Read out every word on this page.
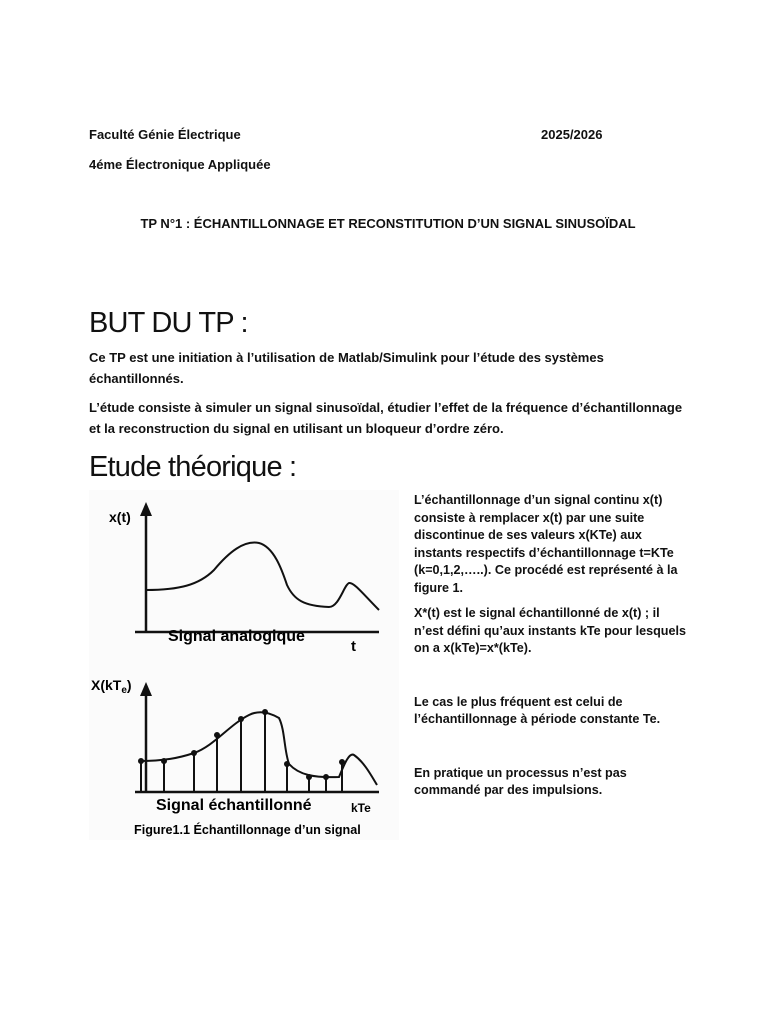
Faculté Génie Électrique	2025/2026
4éme Électronique Appliquée
TP N°1 : ÉCHANTILLONNAGE ET RECONSTITUTION D’UN SIGNAL SINUSOÏDAL
BUT DU TP :
Ce TP est une initiation à l’utilisation de Matlab/Simulink pour l’étude des systèmes échantillonnés.
L’étude consiste à simuler un signal sinusoïdal, étudier l’effet de la fréquence d’échantillonnage et la reconstruction du signal en utilisant un bloqueur d’ordre zéro.
Etude théorique :

L’échantillonnage d’un signal continu x(t) consiste à remplacer x(t) par une suite discontinue de ses valeurs x(KTe) aux instants respectifs d’échantillonnage t=KTe (k=0,1,2,…..). Ce procédé est représenté à la figure 1.

X*(t) est le signal échantillonné de x(t) ; il n’est défini qu’aux instants kTe pour lesquels on a x(kTe)=x*(kTe).

Le cas le plus fréquent est celui de l’échantillonnage à période constante Te.

En pratique un processus n’est pas commandé par des impulsions.

x(t)
t
Signal analogique
$X(kT_e)$
kTe
Signal échantillonné
Figure1.1 Échantillonnage d’un signal
